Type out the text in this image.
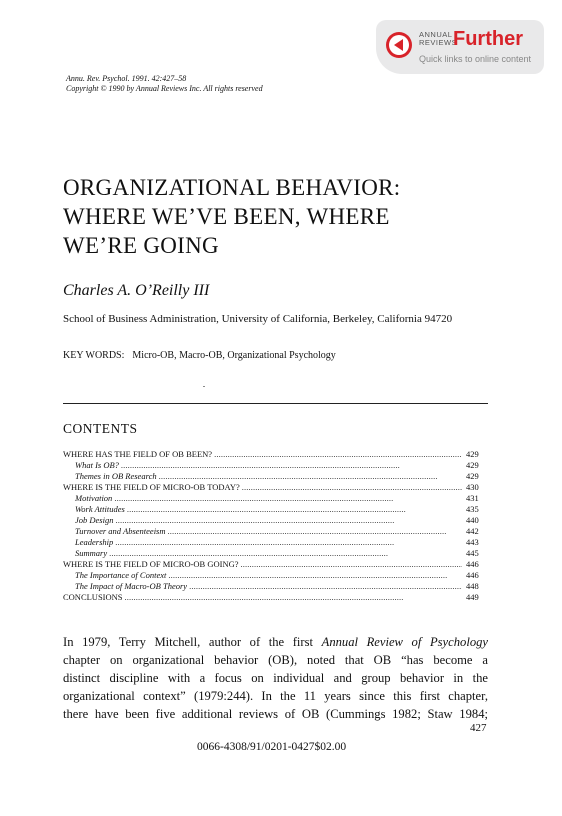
ANNUAL
REVIEWS
Further
Quick links to online content
Annu. Rev. Psychol. 1991. 42:427–58
Copyright © 1990 by Annual Reviews Inc. All rights reserved
ORGANIZATIONAL BEHAVIOR:
WHERE WE’VE BEEN, WHERE
WE’RE GOING
Charles A. O’Reilly III
School of Business Administration, University of California, Berkeley, California 94720
KEY WORDS: Micro-OB, Macro-OB, Organizational Psychology
CONTENTS
WHERE HAS THE FIELD OF OB BEEN? . . .	429
What Is OB? . . .	429
Themes in OB Research . . .	429
WHERE IS THE FIELD OF MICRO-OB TODAY? . . .	430
Motivation . . .	431
Work Attitudes . . .	435
Job Design . . .	440
Turnover and Absenteeism . . .	442
Leadership . . .	443
Summary . . .	445
WHERE IS THE FIELD OF MICRO-OB GOING? . . .	446
The Importance of Context . . .	446
The Impact of Macro-OB Theory . . .	448
CONCLUSIONS . . .	449
In 1979, Terry Mitchell, author of the first Annual Review of Psychology
chapter on organizational behavior (OB), noted that OB “has become a
distinct discipline with a focus on individual and group behavior in the
organizational context” (1979:244). In the 11 years since this first chapter,
there have been five additional reviews of OB (Cummings 1982; Staw 1984;
427
0066-4308/91/0201-0427$02.00
